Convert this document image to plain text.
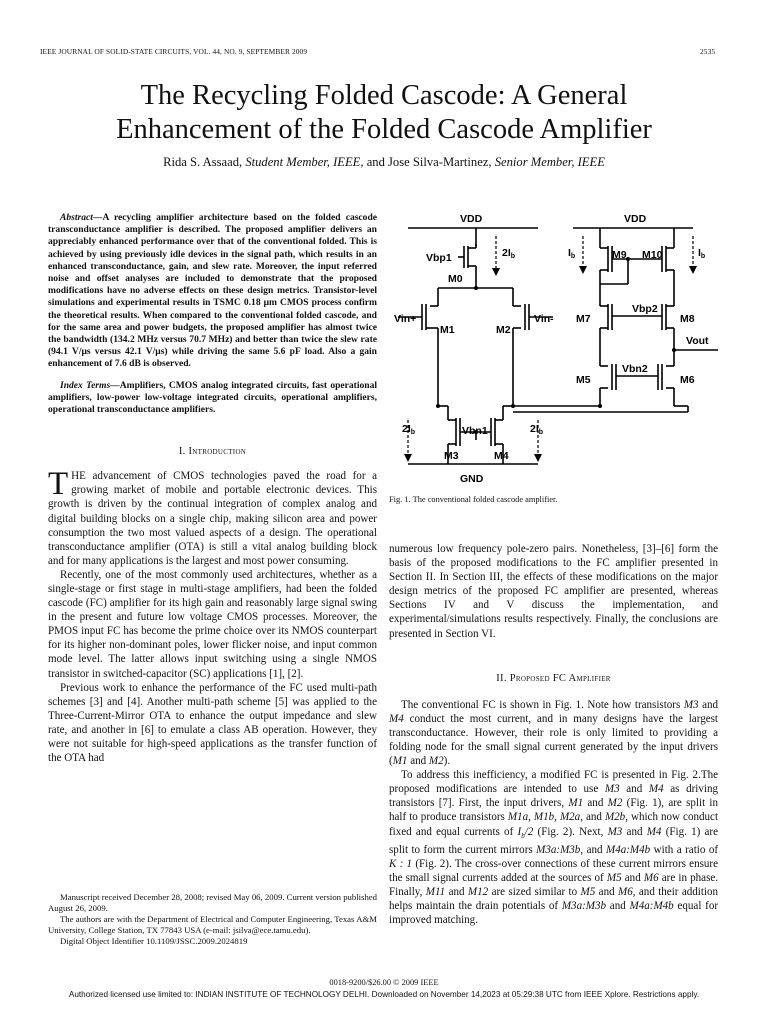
IEEE JOURNAL OF SOLID-STATE CIRCUITS, VOL. 44, NO. 9, SEPTEMBER 2009	2535
The Recycling Folded Cascode: A General
Enhancement of the Folded Cascode Amplifier
Rida S. Assaad, Student Member, IEEE, and Jose Silva-Martinez, Senior Member, IEEE

Abstract—A recycling amplifier architecture based on the folded cascode transconductance amplifier is described. The proposed amplifier delivers an appreciably enhanced performance over that of the conventional folded. This is achieved by using previously idle devices in the signal path, which results in an enhanced transconductance, gain, and slew rate. Moreover, the input referred noise and offset analyses are included to demonstrate that the proposed modifications have no adverse effects on these design metrics. Transistor-level simulations and experimental results in TSMC 0.18 μm CMOS process confirm the theoretical results. When compared to the conventional folded cascode, and for the same area and power budgets, the proposed amplifier has almost twice the bandwidth (134.2 MHz versus 70.7 MHz) and better than twice the slew rate (94.1 V/μs versus 42.1 V/μs) while driving the same 5.6 pF load. Also a gain enhancement of 7.6 dB is observed.

Index Terms—Amplifiers, CMOS analog integrated circuits, fast operational amplifiers, low-power low-voltage integrated circuits, operational amplifiers, operational transconductance amplifiers.

I. Introduction

THE advancement of CMOS technologies paved the road for a growing market of mobile and portable electronic devices. This growth is driven by the continual integration of complex analog and digital building blocks on a single chip, making silicon area and power consumption the two most valued aspects of a design. The operational transconductance amplifier (OTA) is still a vital analog building block and for many applications is the largest and most power consuming.

Recently, one of the most commonly used architectures, whether as a single-stage or first stage in multi-stage amplifiers, had been the folded cascode (FC) amplifier for its high gain and reasonably large signal swing in the present and future low voltage CMOS processes. Moreover, the PMOS input FC has become the prime choice over its NMOS counterpart for its higher non-dominant poles, lower flicker noise, and input common mode level. The latter allows input switching using a single NMOS transistor in switched-capacitor (SC) applications [1], [2].

Previous work to enhance the performance of the FC used multi-path schemes [3] and [4]. Another multi-path scheme [5] was applied to the Three-Current-Mirror OTA to enhance the output impedance and slew rate, and another in [6] to emulate a class AB operation. However, they were not suitable for high-speed applications as the transfer function of the OTA had

Manuscript received December 28, 2008; revised May 06, 2009. Current version published August 26, 2009.

The authors are with the Department of Electrical and Computer Engineering, Texas A&M University, College Station, TX 77843 USA (e-mail: jsilva@ece.tamu.edu).

Digital Object Identifier 10.1109/JSSC.2009.2024819

VDD	VDD
GND
Vbp1
M0
2Ib
Vin+	Vin-
M1	M2
2Ib	2Ib
Vbn1
M3	M4
Ib	Ib
M9 M10
Vbp2
M7	M8
Vout
Vbn2
M5	M6
Fig. 1. The conventional folded cascode amplifier.

numerous low frequency pole-zero pairs. Nonetheless, [3]–[6] form the basis of the proposed modifications to the FC amplifier presented in Section II. In Section III, the effects of these modifications on the major design metrics of the proposed FC amplifier are presented, whereas Sections IV and V discuss the implementation, and experimental/simulations results respectively. Finally, the conclusions are presented in Section VI.

II. Proposed FC Amplifier

The conventional FC is shown in Fig. 1. Note how transistors M3 and M4 conduct the most current, and in many designs have the largest transconductance. However, their role is only limited to providing a folding node for the small signal current generated by the input drivers (M1 and M2).

To address this inefficiency, a modified FC is presented in Fig. 2.The proposed modifications are intended to use M3 and M4 as driving transistors [7]. First, the input drivers, M1 and M2 (Fig. 1), are split in half to produce transistors M1a, M1b, M2a, and M2b, which now conduct fixed and equal currents of $I_b/2$ (Fig. 2). Next, M3 and M4 (Fig. 1) are split to form the current mirrors M3a:M3b, and M4a:M4b with a ratio of K : 1 (Fig. 2). The cross-over connections of these current mirrors ensure the small signal currents added at the sources of M5 and M6 are in phase. Finally, M11 and M12 are sized similar to M5 and M6, and their addition helps maintain the drain potentials of M3a:M3b and M4a:M4b equal for improved matching.

0018-9200/$26.00 © 2009 IEEE
Authorized licensed use limited to: INDIAN INSTITUTE OF TECHNOLOGY DELHI. Downloaded on November 14,2023 at 05:29:38 UTC from IEEE Xplore. Restrictions apply.
